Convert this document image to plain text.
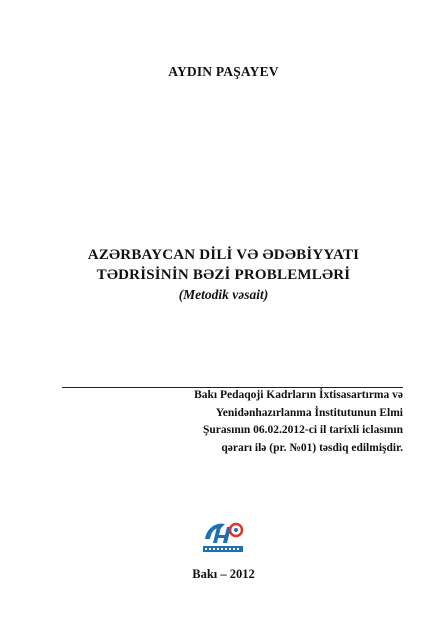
AYDIN PAŞAYEV
AZƏRBAYCAN DİLİ VƏ ƏDƏBİYYATI
TƏDRİSİNİN BƏZİ PROBLEMLƏRİ
(Metodik vəsait)
Bakı Pedaqoji Kadrların İxtisasartırma və
Yenidənhazırlanma İnstitutunun Elmi
Şurasının 06.02.2012-ci il tarixli iclasının
qərarı ilə (pr. №01) təsdiq edilmişdir.
Bakı – 2012
